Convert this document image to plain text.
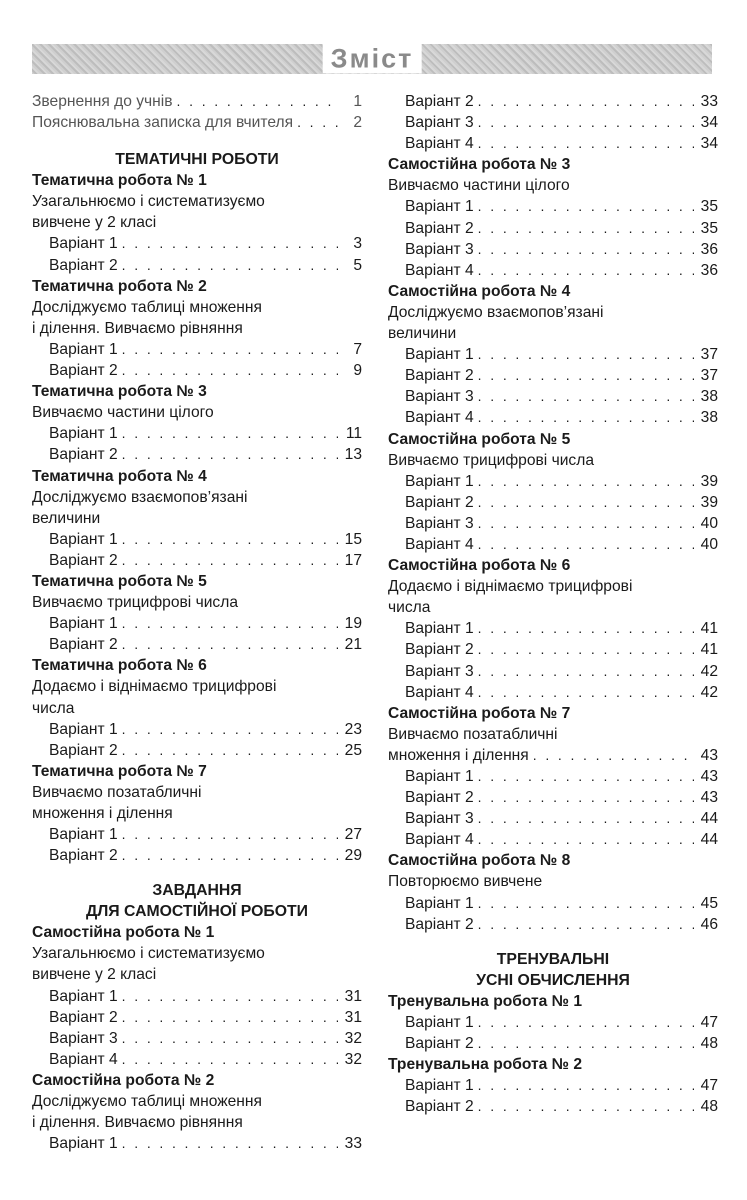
Зміст
Звернення до учнів . . .	1
Пояснювальна записка для вчителя . . .	2
ТЕМАТИЧНІ РОБОТИ
Тематична робота № 1
Узагальнюємо і систематизуємо
вивчене у 2 класі
Варіант 1 . . .	3
Варіант 2 . . .	5
Тематична робота № 2
Досліджуємо таблиці множення
і ділення. Вивчаємо рівняння
Варіант 1 . . .	7
Варіант 2 . . .	9
Тематична робота № 3
Вивчаємо частини цілого
Варіант 1 . . .	11
Варіант 2 . . .	13
Тематична робота № 4
Досліджуємо взаємопов’язані
величини
Варіант 1 . . .	15
Варіант 2 . . .	17
Тематична робота № 5
Вивчаємо трицифрові числа
Варіант 1 . . .	19
Варіант 2 . . .	21
Тематична робота № 6
Додаємо і віднімаємо трицифрові
числа
Варіант 1 . . .	23
Варіант 2 . . .	25
Тематична робота № 7
Вивчаємо позатабличні
множення і ділення
Варіант 1 . . .	27
Варіант 2 . . .	29
ЗАВДАННЯ
ДЛЯ САМОСТІЙНОЇ РОБОТИ
Самостійна робота № 1
Узагальнюємо і систематизуємо
вивчене у 2 класі
Варіант 1 . . .	31
Варіант 2 . . .	31
Варіант 3 . . .	32
Варіант 4 . . .	32
Самостійна робота № 2
Досліджуємо таблиці множення
і ділення. Вивчаємо рівняння
Варіант 1 . . .	33
Варіант 2 . . .	33
Варіант 3 . . .	34
Варіант 4 . . .	34
Самостійна робота № 3
Вивчаємо частини цілого
Варіант 1 . . .	35
Варіант 2 . . .	35
Варіант 3 . . .	36
Варіант 4 . . .	36
Самостійна робота № 4
Досліджуємо взаємопов’язані
величини
Варіант 1 . . .	37
Варіант 2 . . .	37
Варіант 3 . . .	38
Варіант 4 . . .	38
Самостійна робота № 5
Вивчаємо трицифрові числа
Варіант 1 . . .	39
Варіант 2 . . .	39
Варіант 3 . . .	40
Варіант 4 . . .	40
Самостійна робота № 6
Додаємо і віднімаємо трицифрові
числа
Варіант 1 . . .	41
Варіант 2 . . .	41
Варіант 3 . . .	42
Варіант 4 . . .	42
Самостійна робота № 7
Вивчаємо позатабличні
множення і ділення . . .	43
Варіант 1 . . .	43
Варіант 2 . . .	43
Варіант 3 . . .	44
Варіант 4 . . .	44
Самостійна робота № 8
Повторюємо вивчене
Варіант 1 . . .	45
Варіант 2 . . .	46
ТРЕНУВАЛЬНІ
УСНІ ОБЧИСЛЕННЯ
Тренувальна робота № 1
Варіант 1 . . .	47
Варіант 2 . . .	48
Тренувальна робота № 2
Варіант 1 . . .	47
Варіант 2 . . .	48
